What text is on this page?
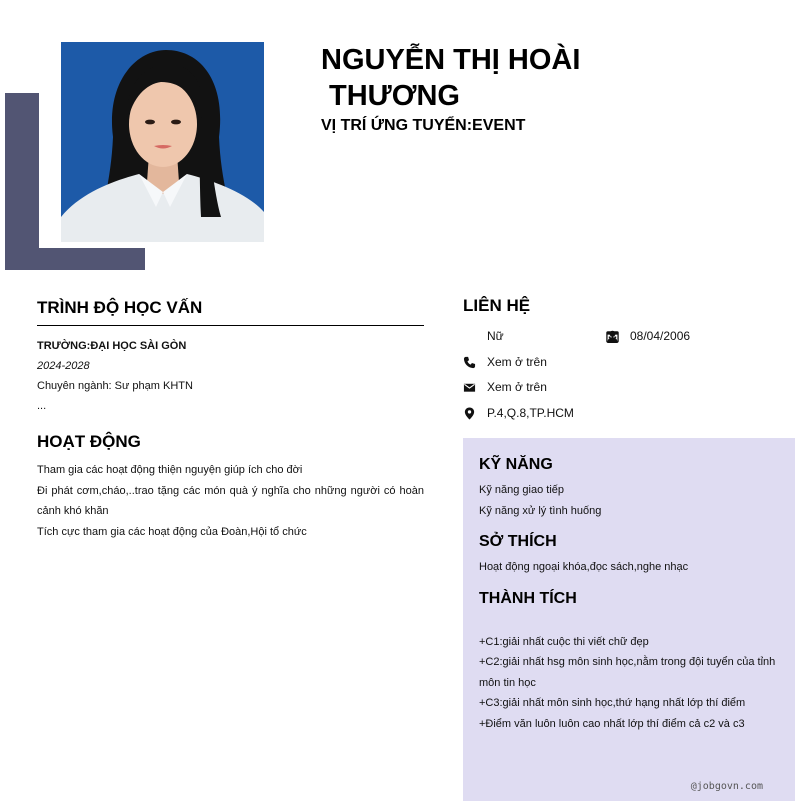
NGUYỄN THỊ HOÀI
THƯƠNG
VỊ TRÍ ỨNG TUYỂN:EVENT
TRÌNH ĐỘ HỌC VẤN
TRƯỜNG:ĐẠI HỌC SÀI GÒN
2024-2028
Chuyên ngành: Sư phạm KHTN
...
HOẠT ĐỘNG
Tham gia các hoạt động thiện nguyện giúp ích cho đời
Đi phát cơm,cháo,..trao tặng các món quà ý nghĩa cho những người có hoàn cảnh khó khăn
Tích cực tham gia các hoạt động của Đoàn,Hội tổ chức
LIÊN HỆ
Nữ	08/04/2006
Xem ở trên
Xem ở trên
P.4,Q.8,TP.HCM
KỸ NĂNG
Kỹ năng giao tiếp
Kỹ năng xử lý tình huống
SỞ THÍCH
Hoạt động ngoại khóa,đọc sách,nghe nhạc
THÀNH TÍCH
+C1:giải nhất cuộc thi viết chữ đẹp
+C2:giải nhất hsg môn sinh học,nằm trong đội tuyển của tỉnh môn tin học
+C3:giải nhất môn sinh học,thứ hạng nhất lớp thí điểm
+Điểm văn luôn luôn cao nhất lớp thí điểm cả c2 và c3
@jobgovn.com
